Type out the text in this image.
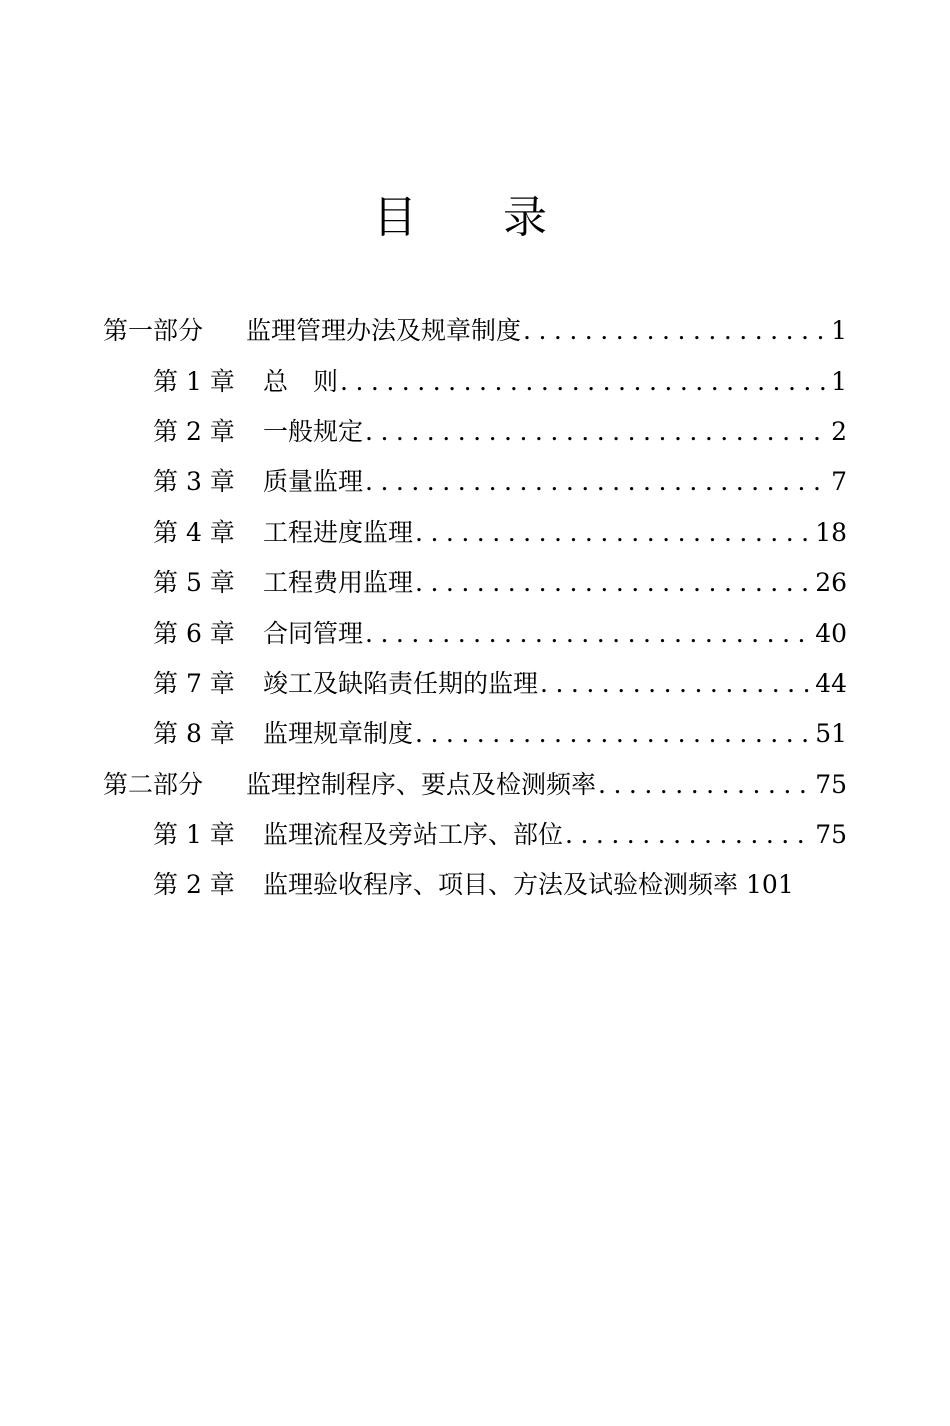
目 录
第一部分	监理管理办法及规章制度 .....	1
第 1 章	总　则 .....	1
第 2 章	一般规定 .....	2
第 3 章	质量监理 .....	7
第 4 章	工程进度监理 .....	18
第 5 章	工程费用监理 .....	26
第 6 章	合同管理 .....	40
第 7 章	竣工及缺陷责任期的监理 .....	44
第 8 章	监理规章制度 .....	51
第二部分	监理控制程序、要点及检测频率 .....	75
第 1 章	监理流程及旁站工序、部位 .....	75
第 2 章	监理验收程序、项目、方法及试验检测频率 101
